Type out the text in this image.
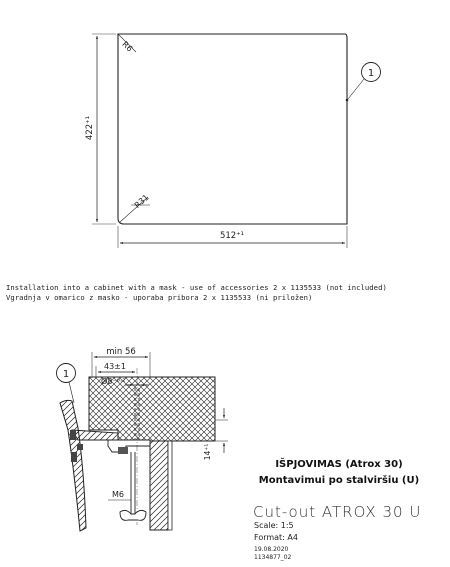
R6
R31
422⁺¹
512⁺¹
1
min 56
43±1
Ø8⁻⁰·²
14⁺¹
M6
1
Installation into a cabinet with a mask - use of accessories 2 x 1135533 (not included)
Vgradnja v omarico z masko - uporaba pribora 2 x 1135533 (ni priložen)
IŠPJOVIMAS (Atrox 30)
Montavimui po stalviršiu (U)
Cut-out ATROX 30 U
Scale: 1:5
Format: A4
19.08.2020
1134877_02
